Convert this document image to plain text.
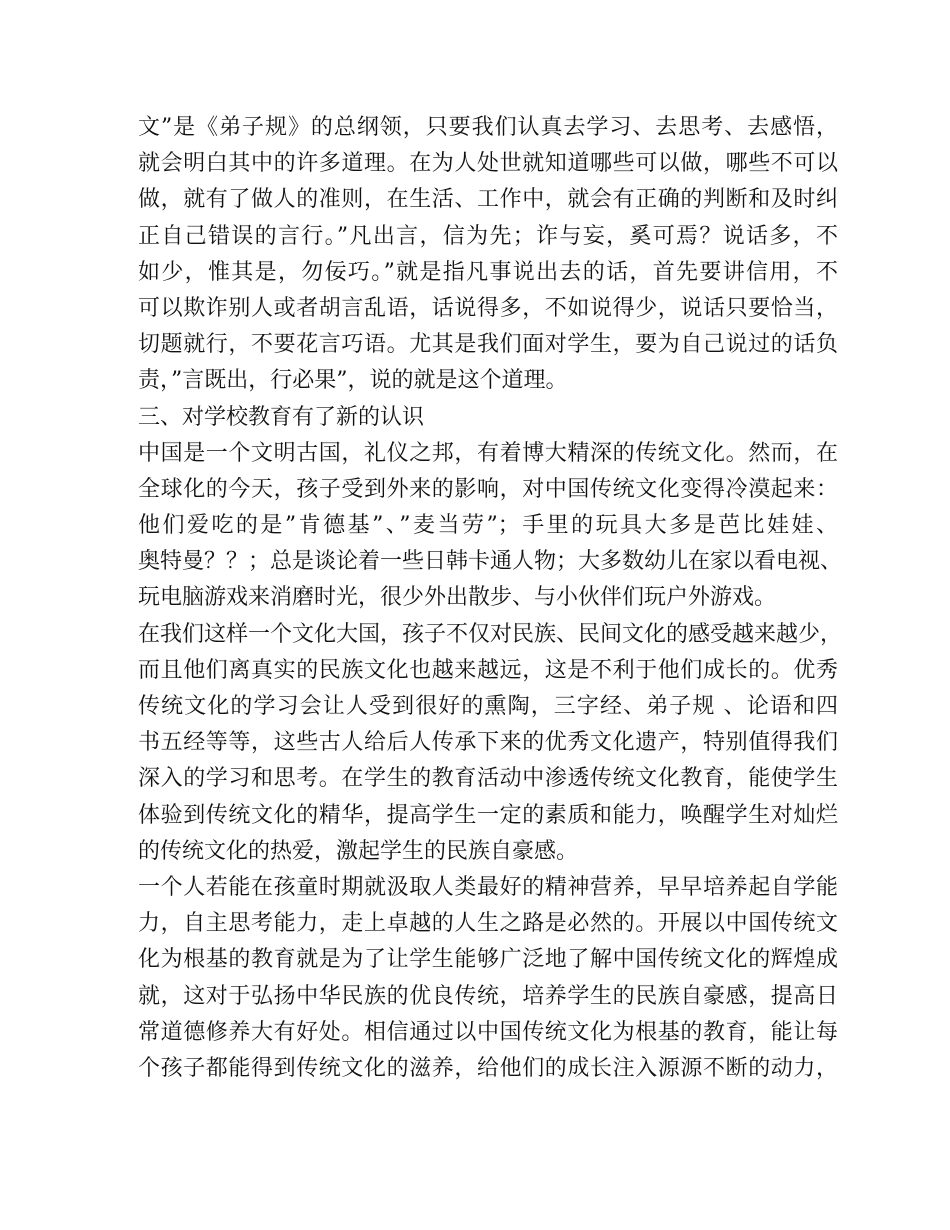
文”是《弟子规》的总纲领，只要我们认真去学习、去思考、去感悟，
就会明白其中的许多道理。在为人处世就知道哪些可以做，哪些不可以
做，就有了做人的准则，在生活、工作中，就会有正确的判断和及时纠
正自己错误的言行。”凡出言，信为先；诈与妄，奚可焉？说话多，不
如少，惟其是，勿佞巧。”就是指凡事说出去的话，首先要讲信用，不
可以欺诈别人或者胡言乱语，话说得多，不如说得少，说话只要恰当，
切题就行，不要花言巧语。尤其是我们面对学生，要为自己说过的话负
责，”言既出，行必果”，说的就是这个道理。
三、对学校教育有了新的认识
中国是一个文明古国，礼仪之邦，有着博大精深的传统文化。然而，在
全球化的今天，孩子受到外来的影响，对中国传统文化变得冷漠起来：
他们爱吃的是”肯德基”、”麦当劳”；手里的玩具大多是芭比娃娃、
奥特曼？？；总是谈论着一些日韩卡通人物；大多数幼儿在家以看电视、
玩电脑游戏来消磨时光，很少外出散步、与小伙伴们玩户外游戏。
在我们这样一个文化大国，孩子不仅对民族、民间文化的感受越来越少，
而且他们离真实的民族文化也越来越远，这是不利于他们成长的。优秀
传统文化的学习会让人受到很好的熏陶，三字经、弟子规 、论语和四
书五经等等，这些古人给后人传承下来的优秀文化遗产，特别值得我们
深入的学习和思考。在学生的教育活动中渗透传统文化教育，能使学生
体验到传统文化的精华，提高学生一定的素质和能力，唤醒学生对灿烂
的传统文化的热爱，激起学生的民族自豪感。
一个人若能在孩童时期就汲取人类最好的精神营养，早早培养起自学能
力，自主思考能力，走上卓越的人生之路是必然的。开展以中国传统文
化为根基的教育就是为了让学生能够广泛地了解中国传统文化的辉煌成
就，这对于弘扬中华民族的优良传统，培养学生的民族自豪感，提高日
常道德修养大有好处。相信通过以中国传统文化为根基的教育，能让每
个孩子都能得到传统文化的滋养，给他们的成长注入源源不断的动力，
